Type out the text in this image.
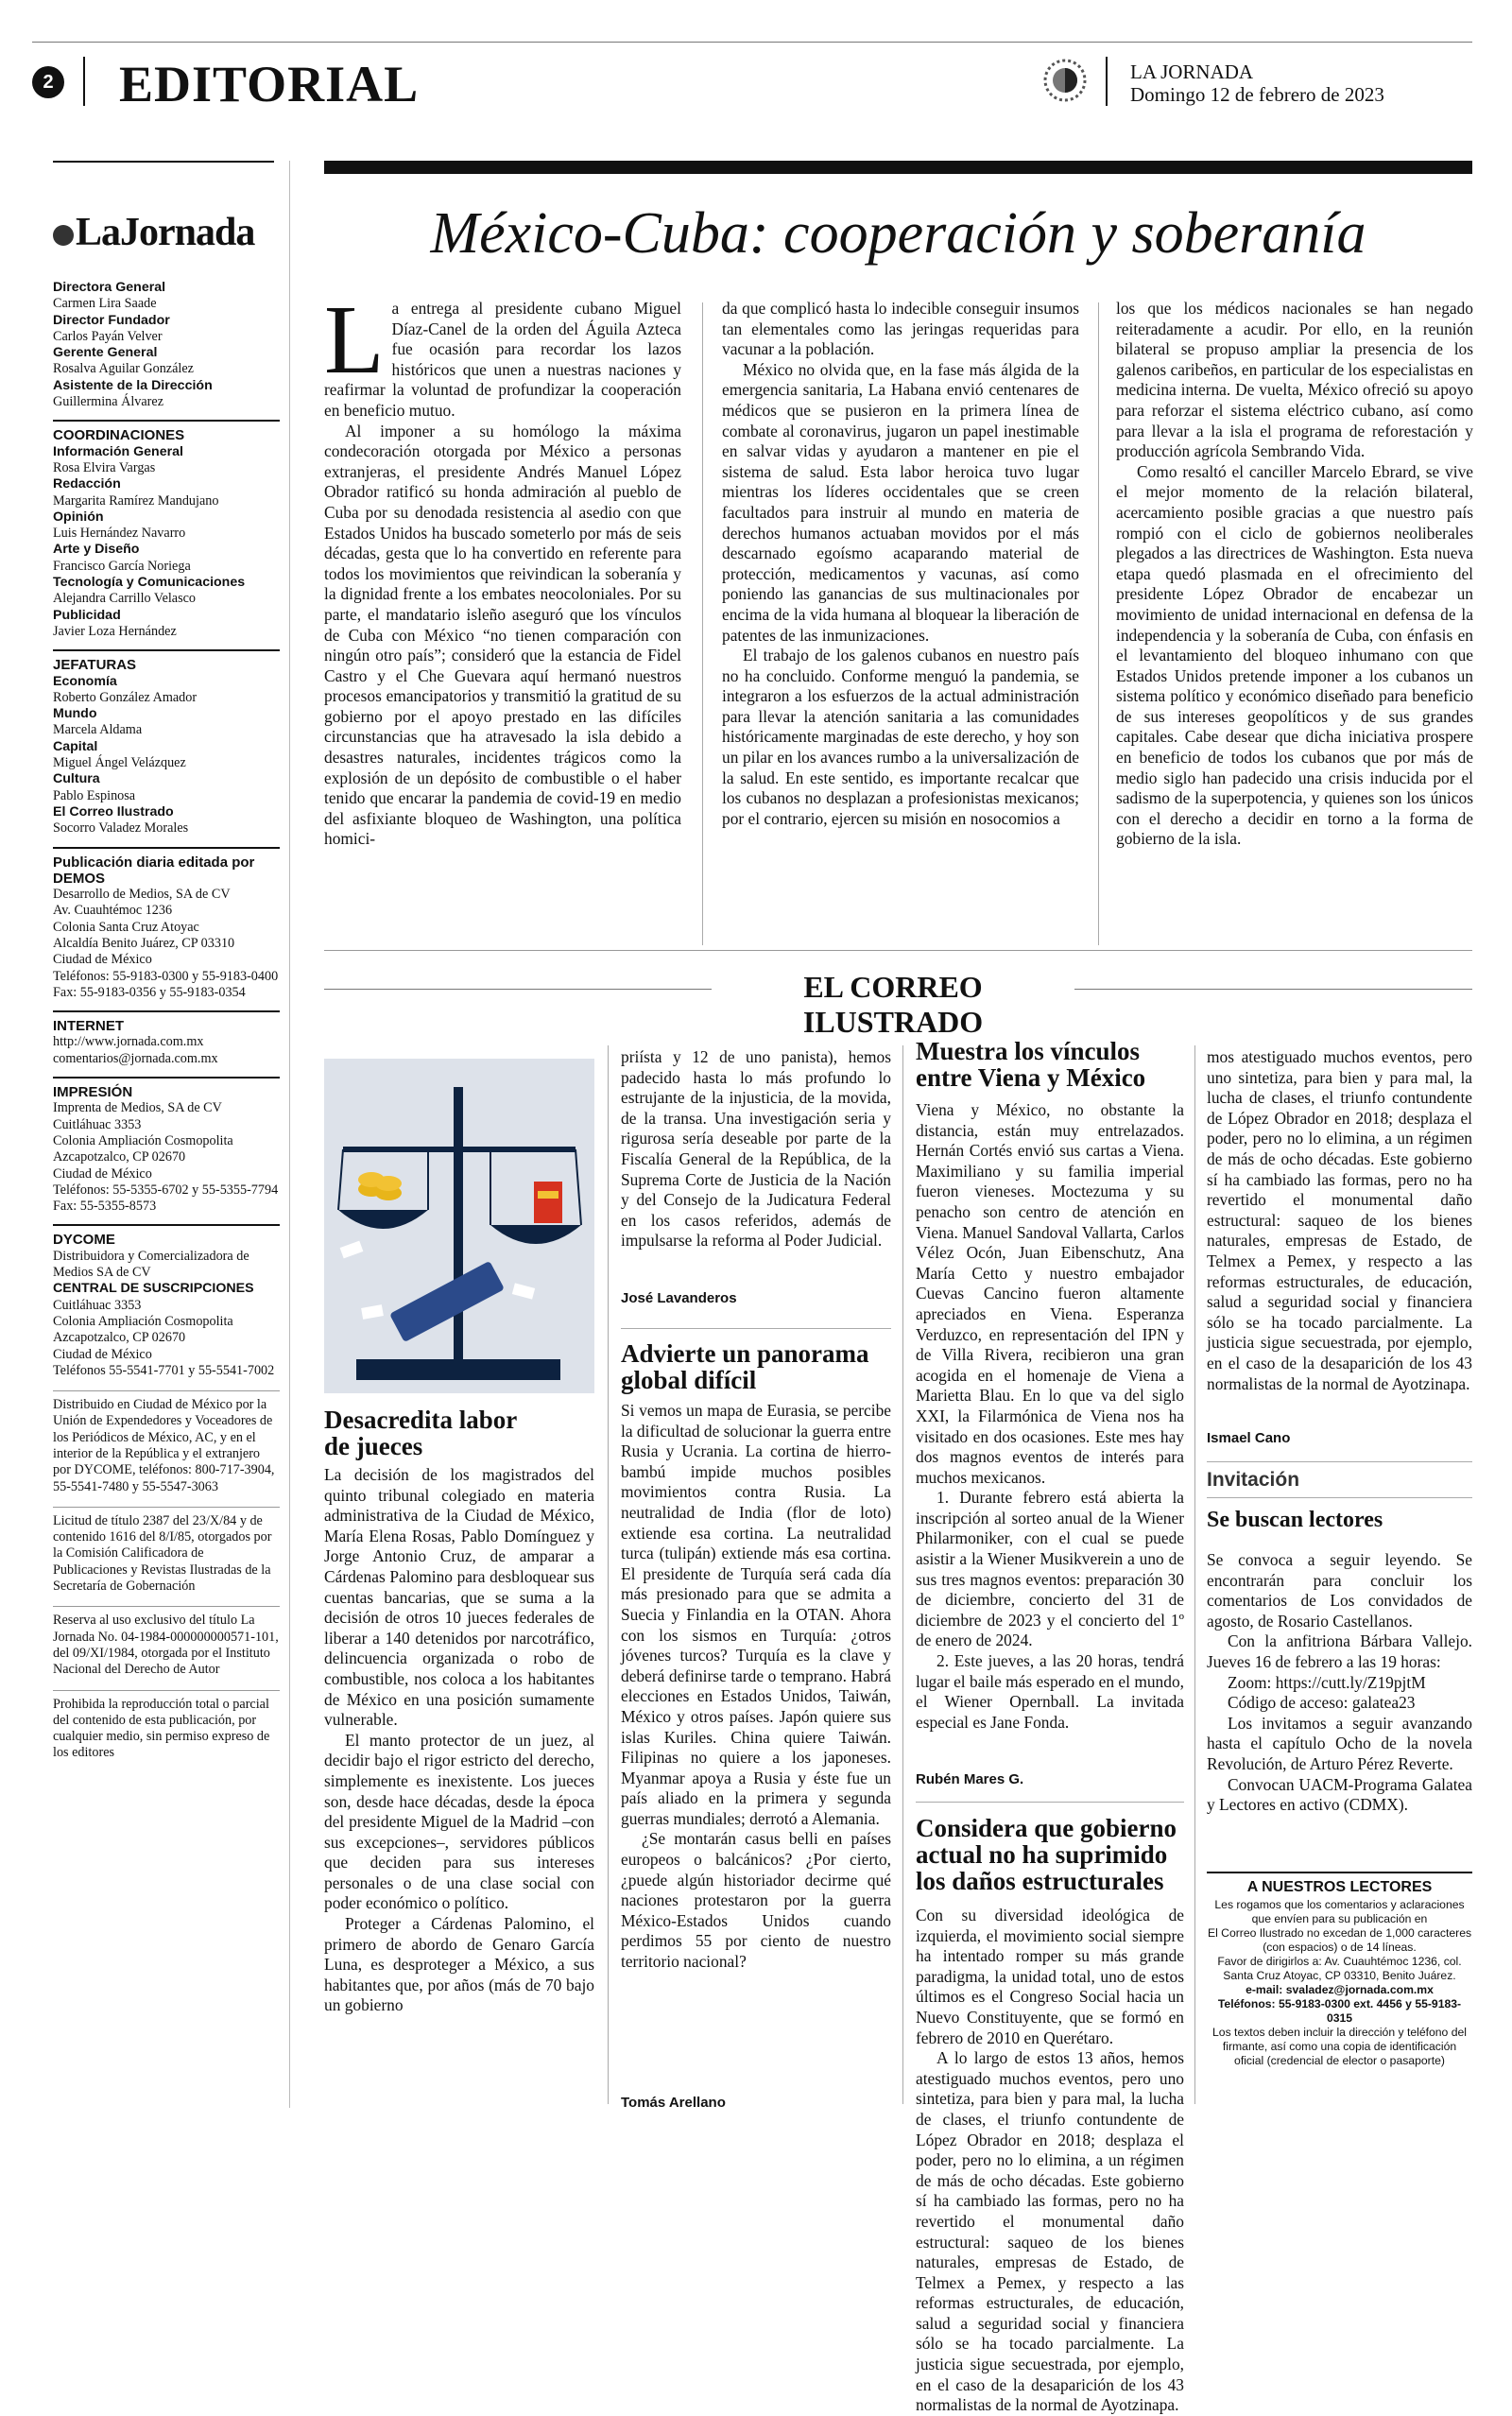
2 EDITORIAL	LA JORNADA
Domingo 12 de febrero de 2023
LaJornada
Directora General
Carmen Lira Saade
Director Fundador
Carlos Payán Velver
Gerente General
Rosalva Aguilar González
Asistente de la Dirección
Guillermina Álvarez
COORDINACIONES
Información General
Rosa Elvira Vargas
Redacción
Margarita Ramírez Mandujano
Opinión
Luis Hernández Navarro
Arte y Diseño
Francisco García Noriega
Tecnología y Comunicaciones
Alejandra Carrillo Velasco
Publicidad
Javier Loza Hernández
JEFATURAS
Economía
Roberto González Amador
Mundo
Marcela Aldama
Capital
Miguel Ángel Velázquez
Cultura
Pablo Espinosa
El Correo Ilustrado
Socorro Valadez Morales
Publicación diaria editada por DEMOS
Desarrollo de Medios, SA de CV
Av. Cuauhtémoc 1236
Colonia Santa Cruz Atoyac
Alcaldía Benito Juárez, CP 03310
Ciudad de México
Teléfonos: 55-9183-0300 y 55-9183-0400
Fax: 55-9183-0356 y 55-9183-0354
INTERNET
http://www.jornada.com.mx
comentarios@jornada.com.mx
IMPRESIÓN
Imprenta de Medios, SA de CV
Cuitláhuac 3353
Colonia Ampliación Cosmopolita
Azcapotzalco, CP 02670
Ciudad de México
Teléfonos: 55-5355-6702 y 55-5355-7794
Fax: 55-5355-8573
DYCOME
Distribuidora y Comercializadora de Medios SA de CV
CENTRAL DE SUSCRIPCIONES
Cuitláhuac 3353
Colonia Ampliación Cosmopolita
Azcapotzalco, CP 02670
Ciudad de México
Teléfonos 55-5541-7701 y 55-5541-7002
Distribuido en Ciudad de México por la Unión de Expendedores y Voceadores de los Periódicos de México, AC, y en el interior de la República y el extranjero por DYCOME, teléfonos: 800-717-3904, 55-5541-7480 y 55-5547-3063
Licitud de título 2387 del 23/X/84 y de contenido 1616 del 8/I/85, otorgados por la Comisión Calificadora de Publicaciones y Revistas Ilustradas de la Secretaría de Gobernación
Reserva al uso exclusivo del título La Jornada No. 04-1984-000000000571-101, del 09/XI/1984, otorgada por el Instituto Nacional del Derecho de Autor
Prohibida la reproducción total o parcial del contenido de esta publicación, por cualquier medio, sin permiso expreso de los editores
México-Cuba: cooperación y soberanía

La entrega al presidente cubano Miguel Díaz-Canel de la orden del Águila Azteca fue ocasión para recordar los lazos históricos que unen a nuestras naciones y reafirmar la voluntad de profundizar la cooperación en beneficio mutuo.

Al imponer a su homólogo la máxima condecoración otorgada por México a personas extranjeras, el presidente Andrés Manuel López Obrador ratificó su honda admiración al pueblo de Cuba por su denodada resistencia al asedio con que Estados Unidos ha buscado someterlo por más de seis décadas, gesta que lo ha convertido en referente para todos los movimientos que reivindican la soberanía y la dignidad frente a los embates neocoloniales. Por su parte, el mandatario isleño aseguró que los vínculos de Cuba con México “no tienen comparación con ningún otro país”; consideró que la estancia de Fidel Castro y el Che Guevara aquí hermanó nuestros procesos emancipatorios y transmitió la gratitud de su gobierno por el apoyo prestado en las difíciles circunstancias que ha atravesado la isla debido a desastres naturales, incidentes trágicos como la explosión de un depósito de combustible o el haber tenido que encarar la pandemia de covid-19 en medio del asfixiante bloqueo de Washington, una política homici-

da que complicó hasta lo indecible conseguir insumos tan elementales como las jeringas requeridas para vacunar a la población.

México no olvida que, en la fase más álgida de la emergencia sanitaria, La Habana envió centenares de médicos que se pusieron en la primera línea de combate al coronavirus, jugaron un papel inestimable en salvar vidas y ayudaron a mantener en pie el sistema de salud. Esta labor heroica tuvo lugar mientras los líderes occidentales que se creen facultados para instruir al mundo en materia de derechos humanos actuaban movidos por el más descarnado egoísmo acaparando material de protección, medicamentos y vacunas, así como poniendo las ganancias de sus multinacionales por encima de la vida humana al bloquear la liberación de patentes de las inmunizaciones.

El trabajo de los galenos cubanos en nuestro país no ha concluido. Conforme menguó la pandemia, se integraron a los esfuerzos de la actual administración para llevar la atención sanitaria a las comunidades históricamente marginadas de este derecho, y hoy son un pilar en los avances rumbo a la universalización de la salud. En este sentido, es importante recalcar que los cubanos no desplazan a profesionistas mexicanos; por el contrario, ejercen su misión en nosocomios a

los que los médicos nacionales se han negado reiteradamente a acudir. Por ello, en la reunión bilateral se propuso ampliar la presencia de los galenos caribeños, en particular de los especialistas en medicina interna. De vuelta, México ofreció su apoyo para reforzar el sistema eléctrico cubano, así como para llevar a la isla el programa de reforestación y producción agrícola Sembrando Vida.

Como resaltó el canciller Marcelo Ebrard, se vive el mejor momento de la relación bilateral, acercamiento posible gracias a que nuestro país rompió con el ciclo de gobiernos neoliberales plegados a las directrices de Washington. Esta nueva etapa quedó plasmada en el ofrecimiento del presidente López Obrador de encabezar un movimiento de unidad internacional en defensa de la independencia y la soberanía de Cuba, con énfasis en el levantamiento del bloqueo inhumano con que Estados Unidos pretende imponer a los cubanos un sistema político y económico diseñado para beneficio de sus intereses geopolíticos y de sus grandes capitales. Cabe desear que dicha iniciativa prospere en beneficio de todos los cubanos que por más de medio siglo han padecido una crisis inducida por el sadismo de la superpotencia, y quienes son los únicos con el derecho a decidir en torno a la forma de gobierno de la isla.

EL CORREO ILUSTRADO
Desacredita labor de jueces

La decisión de los magistrados del quinto tribunal colegiado en materia administrativa de la Ciudad de México, María Elena Rosas, Pablo Domínguez y Jorge Antonio Cruz, de amparar a Cárdenas Palomino para desbloquear sus cuentas bancarias, que se suma a la decisión de otros 10 jueces federales de liberar a 140 detenidos por narcotráfico, delincuencia organizada o robo de combustible, nos coloca a los habitantes de México en una posición sumamente vulnerable.

El manto protector de un juez, al decidir bajo el rigor estricto del derecho, simplemente es inexistente. Los jueces son, desde hace décadas, desde la época del presidente Miguel de la Madrid –con sus excepciones–, servidores públicos que deciden para sus intereses personales o de una clase social con poder económico o político.

Proteger a Cárdenas Palomino, el primero de abordo de Genaro García Luna, es desproteger a México, a sus habitantes que, por años (más de 70 bajo un gobierno

priísta y 12 de uno panista), hemos padecido hasta lo más profundo lo estrujante de la injusticia, de la movida, de la transa. Una investigación seria y rigurosa sería deseable por parte de la Fiscalía General de la República, de la Suprema Corte de Justicia de la Nación y del Consejo de la Judicatura Federal en los casos referidos, además de impulsarse la reforma al Poder Judicial.

José Lavanderos
Advierte un panorama global difícil

Si vemos un mapa de Eurasia, se percibe la dificultad de solucionar la guerra entre Rusia y Ucrania. La cortina de hierro-bambú impide muchos posibles movimientos contra Rusia. La neutralidad de India (flor de loto) extiende esa cortina. La neutralidad turca (tulipán) extiende más esa cortina. El presidente de Turquía será cada día más presionado para que se admita a Suecia y Finlandia en la OTAN. Ahora con los sismos en Turquía: ¿otros jóvenes turcos? Turquía es la clave y deberá definirse tarde o temprano. Habrá elecciones en Estados Unidos, Taiwán, México y otros países. Japón quiere sus islas Kuriles. China quiere Taiwán. Filipinas no quiere a los japoneses. Myanmar apoya a Rusia y éste fue un país aliado en la primera y segunda guerras mundiales; derrotó a Alemania.

¿Se montarán casus belli en países europeos o balcánicos? ¿Por cierto, ¿puede algún historiador decirme qué naciones protestaron por la guerra México-Estados Unidos cuando perdimos 55 por ciento de nuestro territorio nacional?

Tomás Arellano
Muestra los vínculos entre Viena y México

Viena y México, no obstante la distancia, están muy entrelazados. Hernán Cortés envió sus cartas a Viena. Maximiliano y su familia imperial fueron vieneses. Moctezuma y su penacho son centro de atención en Viena. Manuel Sandoval Vallarta, Carlos Vélez Ocón, Juan Eibenschutz, Ana María Cetto y nuestro embajador Cuevas Cancino fueron altamente apreciados en Viena. Esperanza Verduzco, en representación del IPN y de Villa Rivera, recibieron una gran acogida en el homenaje de Viena a Marietta Blau. En lo que va del siglo XXI, la Filarmónica de Viena nos ha visitado en dos ocasiones. Este mes hay dos magnos eventos de interés para muchos mexicanos.

1. Durante febrero está abierta la inscripción al sorteo anual de la Wiener Philarmoniker, con el cual se puede asistir a la Wiener Musikverein a uno de sus tres magnos eventos: preparación 30 de diciembre, concierto del 31 de diciembre de 2023 y el concierto del 1º de enero de 2024.

2. Este jueves, a las 20 horas, tendrá lugar el baile más esperado en el mundo, el Wiener Opernball. La invitada especial es Jane Fonda.

Rubén Mares G.
Considera que gobierno actual no ha suprimido los daños estructurales

Con su diversidad ideológica de izquierda, el movimiento social siempre ha intentado romper su más grande paradigma, la unidad total, uno de estos últimos es el Congreso Social hacia un Nuevo Constituyente, que se formó en febrero de 2010 en Querétaro.

A lo largo de estos 13 años, hemos atestiguado muchos eventos, pero uno sintetiza, para bien y para mal, la lucha de clases, el triunfo contundente de López Obrador en 2018; desplaza el poder, pero no lo elimina, a un régimen de más de ocho décadas. Este gobierno sí ha cambiado las formas, pero no ha revertido el monumental daño estructural: saqueo de los bienes naturales, empresas de Estado, de Telmex a Pemex, y respecto a las reformas estructurales, de educación, salud a seguridad social y financiera sólo se ha tocado parcialmente. La justicia sigue secuestrada, por ejemplo, en el caso de la desaparición de los 43 normalistas de la normal de Ayotzinapa.

mos atestiguado muchos eventos, pero uno sintetiza, para bien y para mal, la lucha de clases, el triunfo contundente de López Obrador en 2018; desplaza el poder, pero no lo elimina, a un régimen de más de ocho décadas. Este gobierno sí ha cambiado las formas, pero no ha revertido el monumental daño estructural: saqueo de los bienes naturales, empresas de Estado, de Telmex a Pemex, y respecto a las reformas estructurales, de educación, salud a seguridad social y financiera sólo se ha tocado parcialmente. La justicia sigue secuestrada, por ejemplo, en el caso de la desaparición de los 43 normalistas de la normal de Ayotzinapa.

Ismael Cano
Invitación
Se buscan lectores

Se convoca a seguir leyendo. Se encontrarán para concluir los comentarios de Los convidados de agosto, de Rosario Castellanos.

Con la anfitriona Bárbara Vallejo. Jueves 16 de febrero a las 19 horas:

Zoom: https://cutt.ly/Z19pjtM

Código de acceso: galatea23

Los invitamos a seguir avanzando hasta el capítulo Ocho de la novela Revolución, de Arturo Pérez Reverte.

Convocan UACM-Programa Galatea y Lectores en activo (CDMX).

A NUESTROS LECTORES
Les rogamos que los comentarios y aclaraciones que envíen para su publicación en
El Correo Ilustrado no excedan de 1,000 caracteres (con espacios) o de 14 líneas.
Favor de dirigirlos a: Av. Cuauhtémoc 1236, col. Santa Cruz Atoyac, CP 03310, Benito Juárez.
e-mail: svaladez@jornada.com.mx
Teléfonos: 55-9183-0300 ext. 4456 y 55-9183-0315
Los textos deben incluir la dirección y teléfono del firmante, así como una copia de identificación oficial (credencial de elector o pasaporte)
